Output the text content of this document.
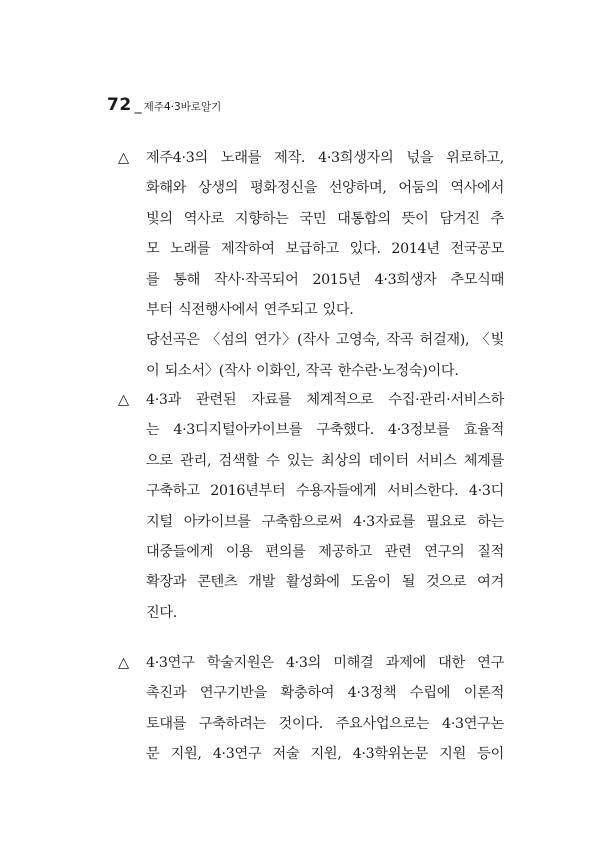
72 _ 제주4·3바로알기
△	제주4·3의 노래를 제작. 4·3희생자의 넋을 위로하고,

화해와 상생의 평화정신을 선양하며, 어둠의 역사에서

빛의 역사로 지향하는 국민 대통합의 뜻이 담겨진 추

모 노래를 제작하여 보급하고 있다. 2014년 전국공모

를 통해 작사·작곡되어 2015년 4·3희생자 추모식때

부터 식전행사에서 연주되고 있다.

당선곡은 〈섬의 연가〉(작사 고영숙, 작곡 허걸재), 〈빛

이 되소서〉(작사 이화인, 작곡 한수란·노정숙)이다.

△	4·3과 관련된 자료를 체계적으로 수집·관리·서비스하

는 4·3디지털아카이브를 구축했다. 4·3정보를 효율적

으로 관리, 검색할 수 있는 최상의 데이터 서비스 체계를

구축하고 2016년부터 수용자들에게 서비스한다. 4·3디

지털 아카이브를 구축함으로써 4·3자료를 필요로 하는

대중들에게 이용 편의를 제공하고 관련 연구의 질적

확장과 콘텐츠 개발 활성화에 도움이 될 것으로 여겨

진다.

△	4·3연구 학술지원은 4·3의 미해결 과제에 대한 연구

촉진과 연구기반을 확충하여 4·3정책 수립에 이론적

토대를 구축하려는 것이다. 주요사업으로는 4·3연구논

문 지원, 4·3연구 저술 지원, 4·3학위논문 지원 등이
